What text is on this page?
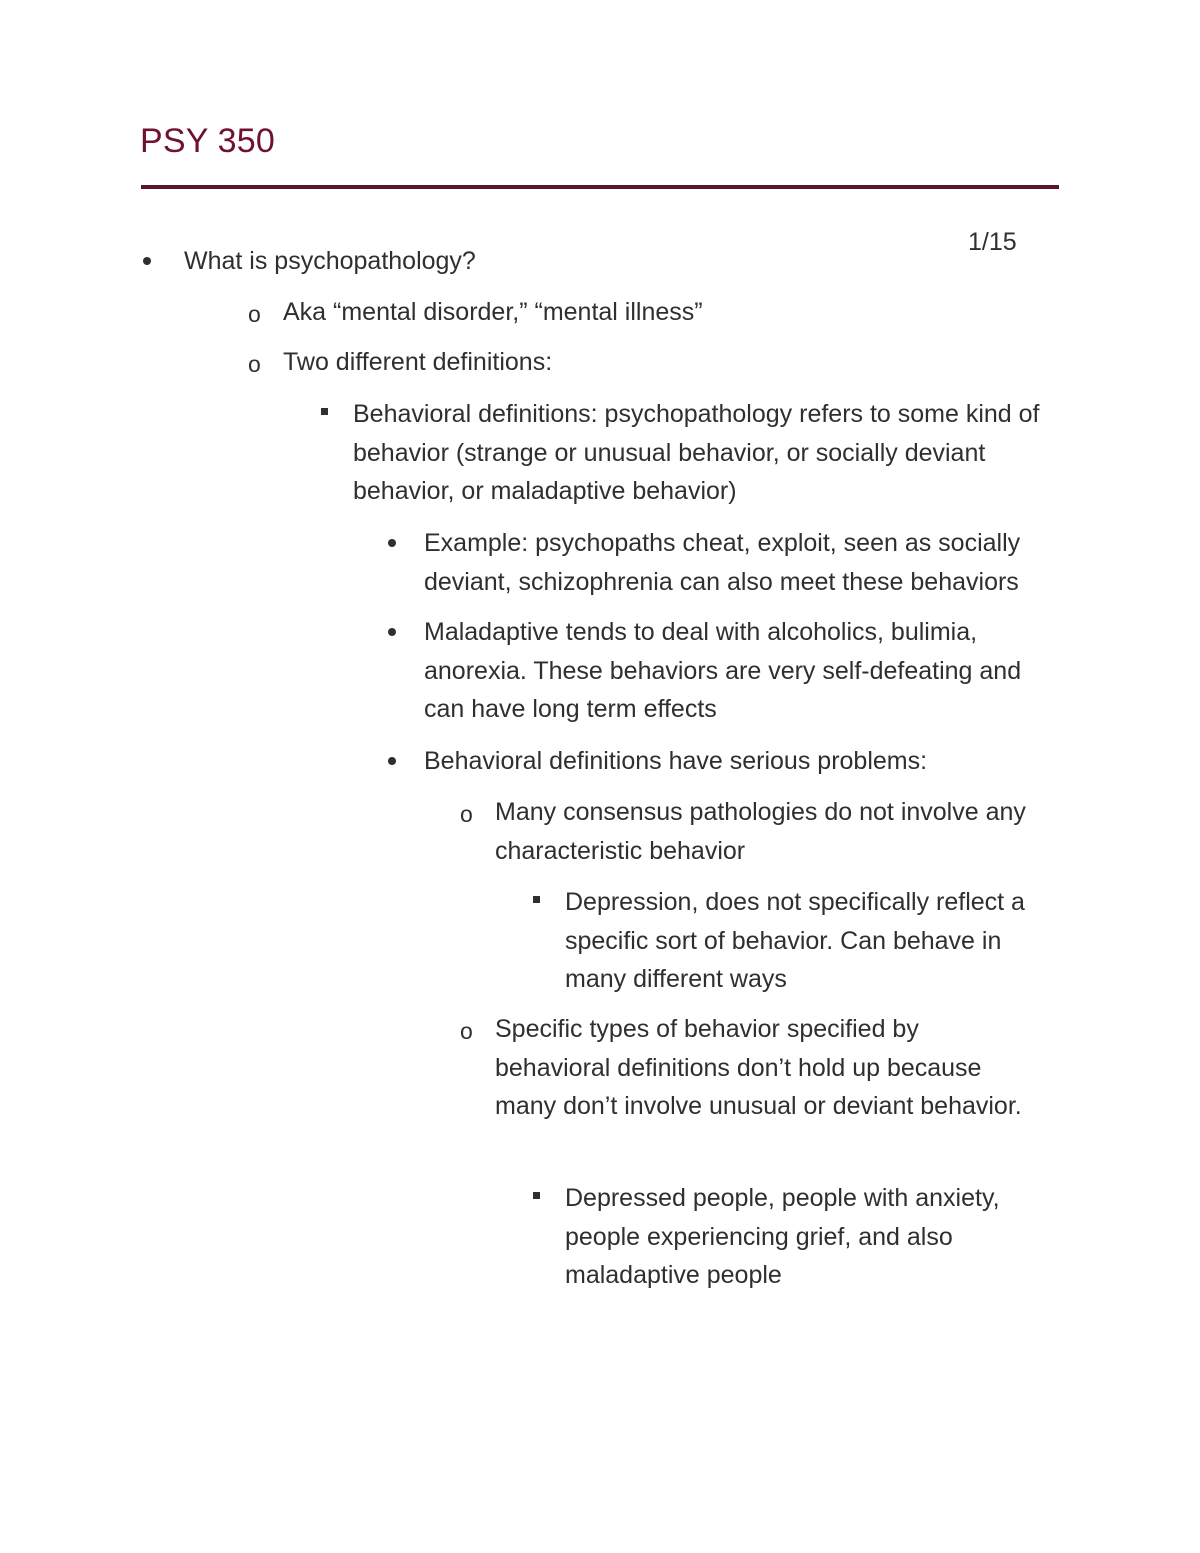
PSY 350
1/15
What is psychopathology?
o Aka “mental disorder,” “mental illness”
o Two different definitions:
Behavioral definitions: psychopathology refers to some kind of behavior (strange or unusual behavior, or socially deviant behavior, or maladaptive behavior)
Example: psychopaths cheat, exploit, seen as socially deviant, schizophrenia can also meet these behaviors
Maladaptive tends to deal with alcoholics, bulimia, anorexia. These behaviors are very self-defeating and can have long term effects
Behavioral definitions have serious problems:
o Many consensus pathologies do not involve any characteristic behavior
Depression, does not specifically reflect a specific sort of behavior. Can behave in many different ways
o Specific types of behavior specified by behavioral definitions don’t hold up because many don’t involve unusual or deviant behavior.
Depressed people, people with anxiety, people experiencing grief, and also maladaptive people
